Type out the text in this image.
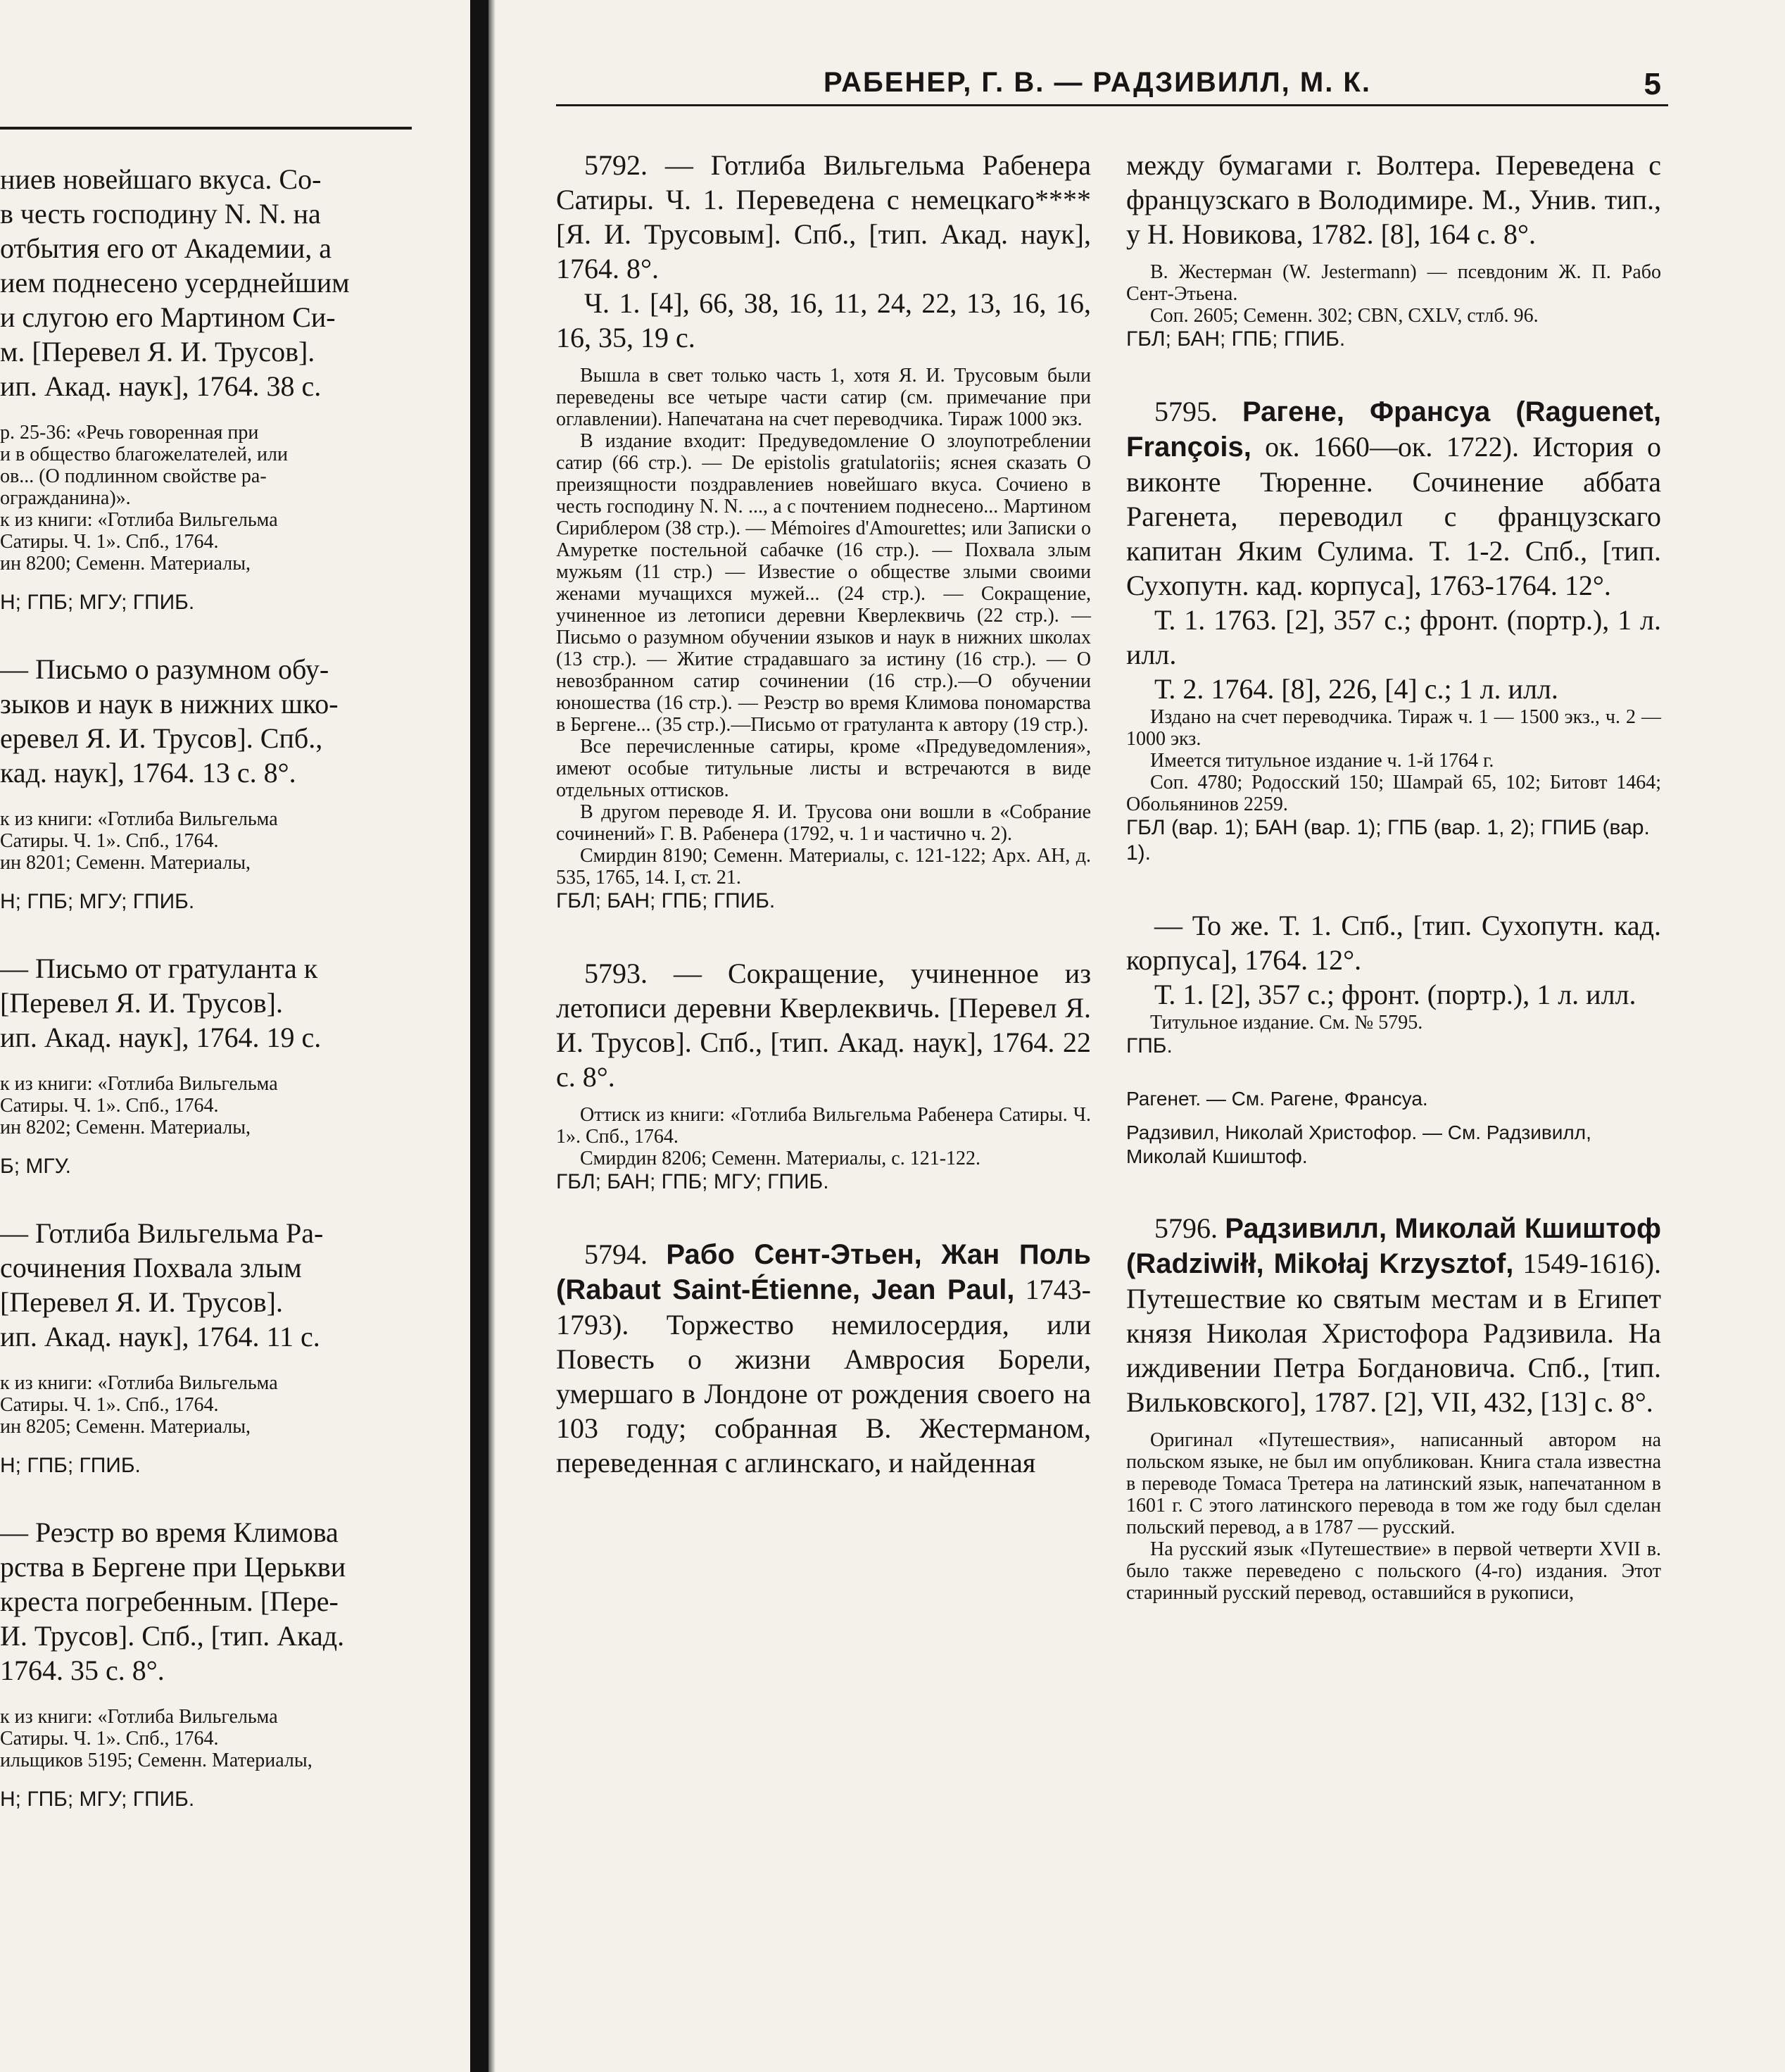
ниев новейшаго вкуса. Со-
в честь господину N. N. на
отбытия его от Академии, а
ием поднесено усерднейшим
и слугою его Мартином Си-
м. [Перевел Я. И. Трусов].
ип. Акад. наук], 1764. 38 с.
р. 25-36: «Речь говоренная при
и в общество благожелателей, или
ов... (О подлинном свойстве ра-
огражданина)».
к из книги: «Готлиба Вильгельма
Сатиры. Ч. 1». Спб., 1764.
ин 8200; Семенн. Материалы,
Н; ГПБ; МГУ; ГПИБ.
— Письмо о разумном обу-
зыков и наук в нижних шко-
еревел Я. И. Трусов]. Спб.,
кад. наук], 1764. 13 с. 8°.
к из книги: «Готлиба Вильгельма
Сатиры. Ч. 1». Спб., 1764.
ин 8201; Семенн. Материалы,
Н; ГПБ; МГУ; ГПИБ.
— Письмо от гратуланта к
[Перевел Я. И. Трусов].
ип. Акад. наук], 1764. 19 с.
к из книги: «Готлиба Вильгельма
Сатиры. Ч. 1». Спб., 1764.
ин 8202; Семенн. Материалы,
Б; МГУ.
— Готлиба Вильгельма Ра-
сочинения Похвала злым
[Перевел Я. И. Трусов].
ип. Акад. наук], 1764. 11 с.
к из книги: «Готлиба Вильгельма
Сатиры. Ч. 1». Спб., 1764.
ин 8205; Семенн. Материалы,
Н; ГПБ; ГПИБ.
— Реэстр во время Климова
рства в Бергене при Церькви
креста погребенным. [Пере-
И. Трусов]. Спб., [тип. Акад.
1764. 35 с. 8°.
к из книги: «Готлиба Вильгельма
Сатиры. Ч. 1». Спб., 1764.
ильщиков 5195; Семенн. Материалы,
Н; ГПБ; МГУ; ГПИБ.
РАБЕНЕР, Г. В. — РАДЗИВИЛЛ, М. К.	5

5792. — Готлиба Вильгельма Рабенера Сатиры. Ч. 1. Переведена с немецкаго**** [Я. И. Трусовым]. Спб., [тип. Акад. наук], 1764. 8°.

Ч. 1. [4], 66, 38, 16, 11, 24, 22, 13, 16, 16, 16, 35, 19 с.

Вышла в свет только часть 1, хотя Я. И. Трусовым были переведены все четыре части сатир (см. примечание при оглавлении). Напечатана на счет переводчика. Тираж 1000 экз.

В издание входит: Предуведомление О злоупотреблении сатир (66 стр.). — De epistolis gratulatoriis; яснея сказать О преизящности поздравлениев новейшаго вкуса. Сочиено в честь господину N. N. ..., а с почтением поднесено... Мартином Сириблером (38 стр.). — Mémoires d'Amourettes; или Записки о Амуретке постельной сабачке (16 стр.). — Похвала злым мужьям (11 стр.) — Известие о обществе злыми своими женами мучащихся мужей... (24 стр.). — Сокращение, учиненное из летописи деревни Кверлеквичь (22 стр.). — Письмо о разумном обучении языков и наук в нижних школах (13 стр.). — Житие страдавшаго за истину (16 стр.). — О невозбранном сатир сочинении (16 стр.).—О обучении юношества (16 стр.). — Реэстр во время Климова пономарства в Бергене... (35 стр.).—Письмо от гратуланта к автору (19 стр.).

Все перечисленные сатиры, кроме «Предуведомления», имеют особые титульные листы и встречаются в виде отдельных оттисков.

В другом переводе Я. И. Трусова они вошли в «Собрание сочинений» Г. В. Рабенера (1792, ч. 1 и частично ч. 2).

Смирдин 8190; Семенн. Материалы, с. 121-122; Арх. АН, д. 535, 1765, 14. I, ст. 21.

ГБЛ; БАН; ГПБ; ГПИБ.

5793. — Сокращение, учиненное из летописи деревни Кверлеквичь. [Перевел Я. И. Трусов]. Спб., [тип. Акад. наук], 1764. 22 с. 8°.

Оттиск из книги: «Готлиба Вильгельма Рабенера Сатиры. Ч. 1». Спб., 1764.

Смирдин 8206; Семенн. Материалы, с. 121-122.

ГБЛ; БАН; ГПБ; МГУ; ГПИБ.

5794. Рабо Сент-Этьен, Жан Поль (Rabaut Saint-Étienne, Jean Paul, 1743-1793). Торжество немилосердия, или Повесть о жизни Амвросия Борели, умершаго в Лондоне от рождения своего на 103 году; собранная В. Жестерманом, переведенная с аглинскаго, и найденная

между бумагами г. Волтера. Переведена с французскаго в Володимире. М., Унив. тип., у Н. Новикова, 1782. [8], 164 с. 8°.

В. Жестерман (W. Jestermann) — псевдоним Ж. П. Рабо Сент-Этьена.

Соп. 2605; Семенн. 302; CBN, CXLV, стлб. 96.

ГБЛ; БАН; ГПБ; ГПИБ.

5795. Рагене, Франсуа (Raguenet, François, ок. 1660—ок. 1722). История о виконте Тюренне. Сочинение аббата Рагенета, переводил с французскаго капитан Яким Сулима. Т. 1-2. Спб., [тип. Сухопутн. кад. корпуса], 1763-1764. 12°.

Т. 1. 1763. [2], 357 с.; фронт. (портр.), 1 л. илл.

Т. 2. 1764. [8], 226, [4] с.; 1 л. илл.

Издано на счет переводчика. Тираж ч. 1 — 1500 экз., ч. 2 — 1000 экз.

Имеется титульное издание ч. 1-й 1764 г.

Соп. 4780; Родосский 150; Шамрай 65, 102; Битовт 1464; Обольянинов 2259.

ГБЛ (вар. 1); БАН (вар. 1); ГПБ (вар. 1, 2); ГПИБ (вар. 1).

— То же. Т. 1. Спб., [тип. Сухопутн. кад. корпуса], 1764. 12°.

Т. 1. [2], 357 с.; фронт. (портр.), 1 л. илл.

Титульное издание. См. № 5795.

ГПБ.

Рагенет. — См. Рагене, Франсуа.

Радзивил, Николай Христофор. — См. Радзивилл, Миколай Кшиштоф.

5796. Радзивилл, Миколай Кшиштоф (Radziwiłł, Mikołaj Krzysztof, 1549-1616). Путешествие ко святым местам и в Египет князя Николая Христофора Радзивила. На иждивении Петра Богдановича. Спб., [тип. Вильковского], 1787. [2], VII, 432, [13] с. 8°.

Оригинал «Путешествия», написанный автором на польском языке, не был им опубликован. Книга стала известна в переводе Томаса Третера на латинский язык, напечатанном в 1601 г. С этого латинского перевода в том же году был сделан польский перевод, а в 1787 — русский.

На русский язык «Путешествие» в первой четверти XVII в. было также переведено с польского (4-го) издания. Этот старинный русский перевод, оставшийся в рукописи,
